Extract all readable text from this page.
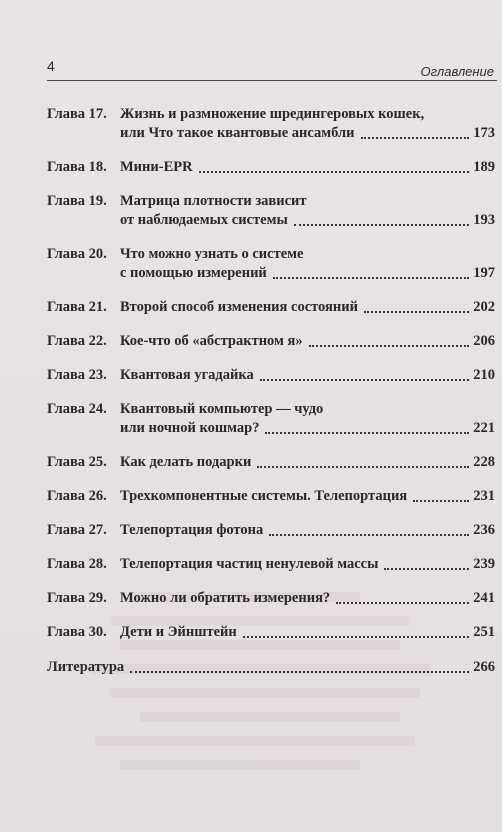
4	Оглавление
Глава 17. Жизнь и размножение шредингеровых кошек,
или Что такое квантовые ансамбли	173
Глава 18. Мини-EPR	189
Глава 19. Матрица плотности зависит
от наблюдаемых системы	193
Глава 20. Что можно узнать о системе
с помощью измерений	197
Глава 21. Второй способ изменения состояний	202
Глава 22. Кое-что об «абстрактном я»	206
Глава 23. Квантовая угадайка	210
Глава 24. Квантовый компьютер — чудо
или ночной кошмар?	221
Глава 25. Как делать подарки	228
Глава 26. Трехкомпонентные системы. Телепортация	231
Глава 27. Телепортация фотона	236
Глава 28. Телепортация частиц ненулевой массы	239
Глава 29. Можно ли обратить измерения?	241
Глава 30. Дети и Эйнштейн	251
Литература	266
